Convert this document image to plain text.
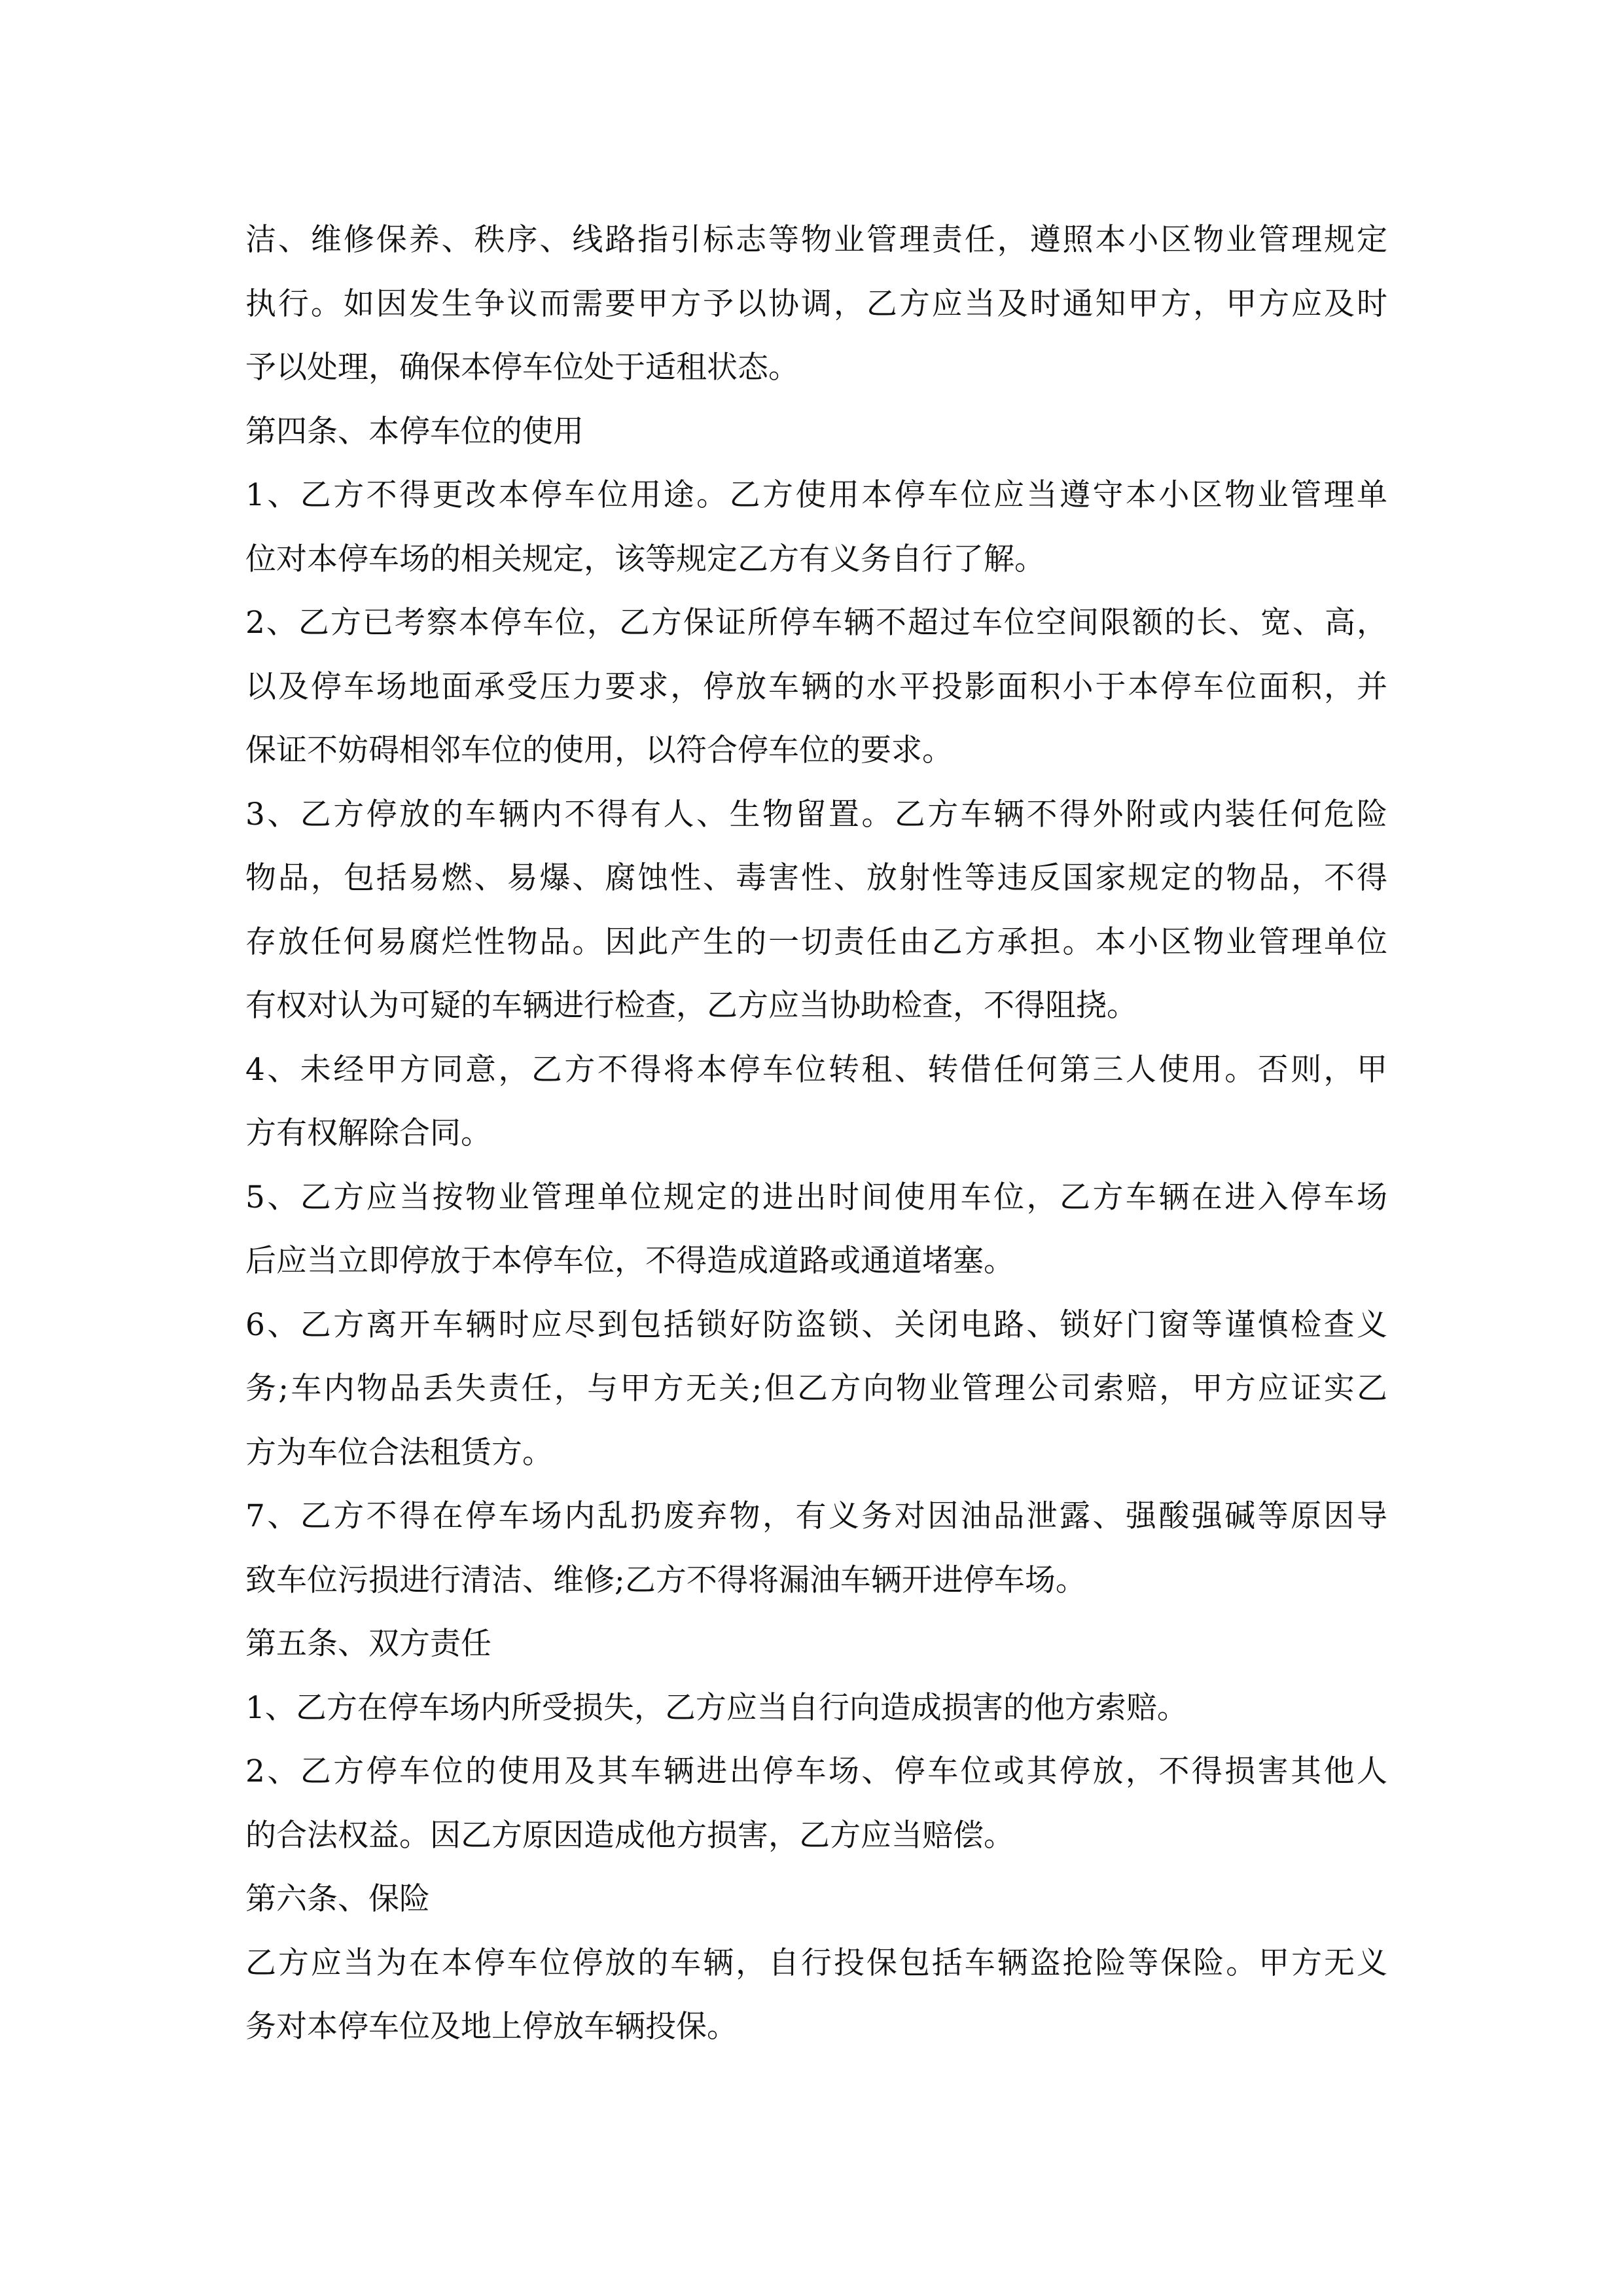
洁、维修保养、秩序、线路指引标志等物业管理责任，遵照本小区物业管理规定
执行。如因发生争议而需要甲方予以协调，乙方应当及时通知甲方，甲方应及时
予以处理，确保本停车位处于适租状态。
第四条、本停车位的使用
1、乙方不得更改本停车位用途。乙方使用本停车位应当遵守本小区物业管理单
位对本停车场的相关规定，该等规定乙方有义务自行了解。
2、乙方已考察本停车位，乙方保证所停车辆不超过车位空间限额的长、宽、高，
以及停车场地面承受压力要求，停放车辆的水平投影面积小于本停车位面积，并
保证不妨碍相邻车位的使用，以符合停车位的要求。
3、乙方停放的车辆内不得有人、生物留置。乙方车辆不得外附或内装任何危险
物品，包括易燃、易爆、腐蚀性、毒害性、放射性等违反国家规定的物品，不得
存放任何易腐烂性物品。因此产生的一切责任由乙方承担。本小区物业管理单位
有权对认为可疑的车辆进行检查，乙方应当协助检查，不得阻挠。
4、未经甲方同意，乙方不得将本停车位转租、转借任何第三人使用。否则，甲
方有权解除合同。
5、乙方应当按物业管理单位规定的进出时间使用车位，乙方车辆在进入停车场
后应当立即停放于本停车位，不得造成道路或通道堵塞。
6、乙方离开车辆时应尽到包括锁好防盗锁、关闭电路、锁好门窗等谨慎检查义
务;车内物品丢失责任，与甲方无关;但乙方向物业管理公司索赔，甲方应证实乙
方为车位合法租赁方。
7、乙方不得在停车场内乱扔废弃物，有义务对因油品泄露、强酸强碱等原因导
致车位污损进行清洁、维修;乙方不得将漏油车辆开进停车场。
第五条、双方责任
1、乙方在停车场内所受损失，乙方应当自行向造成损害的他方索赔。
2、乙方停车位的使用及其车辆进出停车场、停车位或其停放，不得损害其他人
的合法权益。因乙方原因造成他方损害，乙方应当赔偿。
第六条、保险
乙方应当为在本停车位停放的车辆，自行投保包括车辆盗抢险等保险。甲方无义
务对本停车位及地上停放车辆投保。
